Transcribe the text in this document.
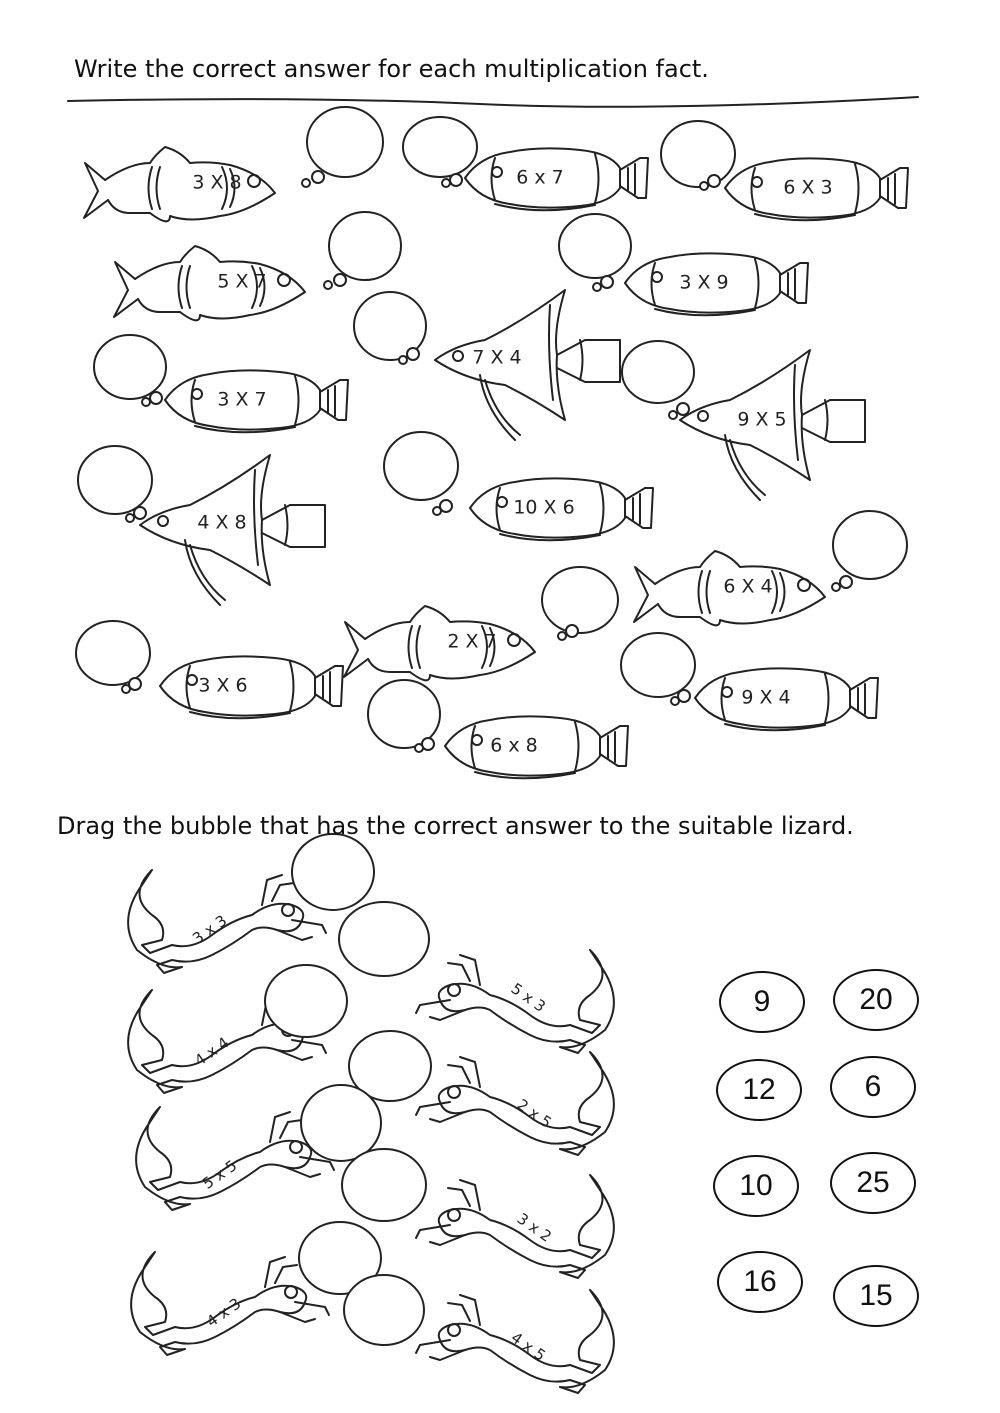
Write the correct answer for each multiplication fact.
3 X 8	6 x 7	6 X 3
5 X 7	3 X 9
7 X 4
3 X 7
9 X 5
4 X 8
10 X 6
6 X 4
2 X 7
3 X 6
9 X 4
6 x 8
3 x 3
5 x 3
4 x 4
2 x 5
5 x 5
3 x 2
4 x 3
4 x 5
Drag the bubble that has the correct answer to the suitable lizard.
9	20
12	6
10	25
16	15
